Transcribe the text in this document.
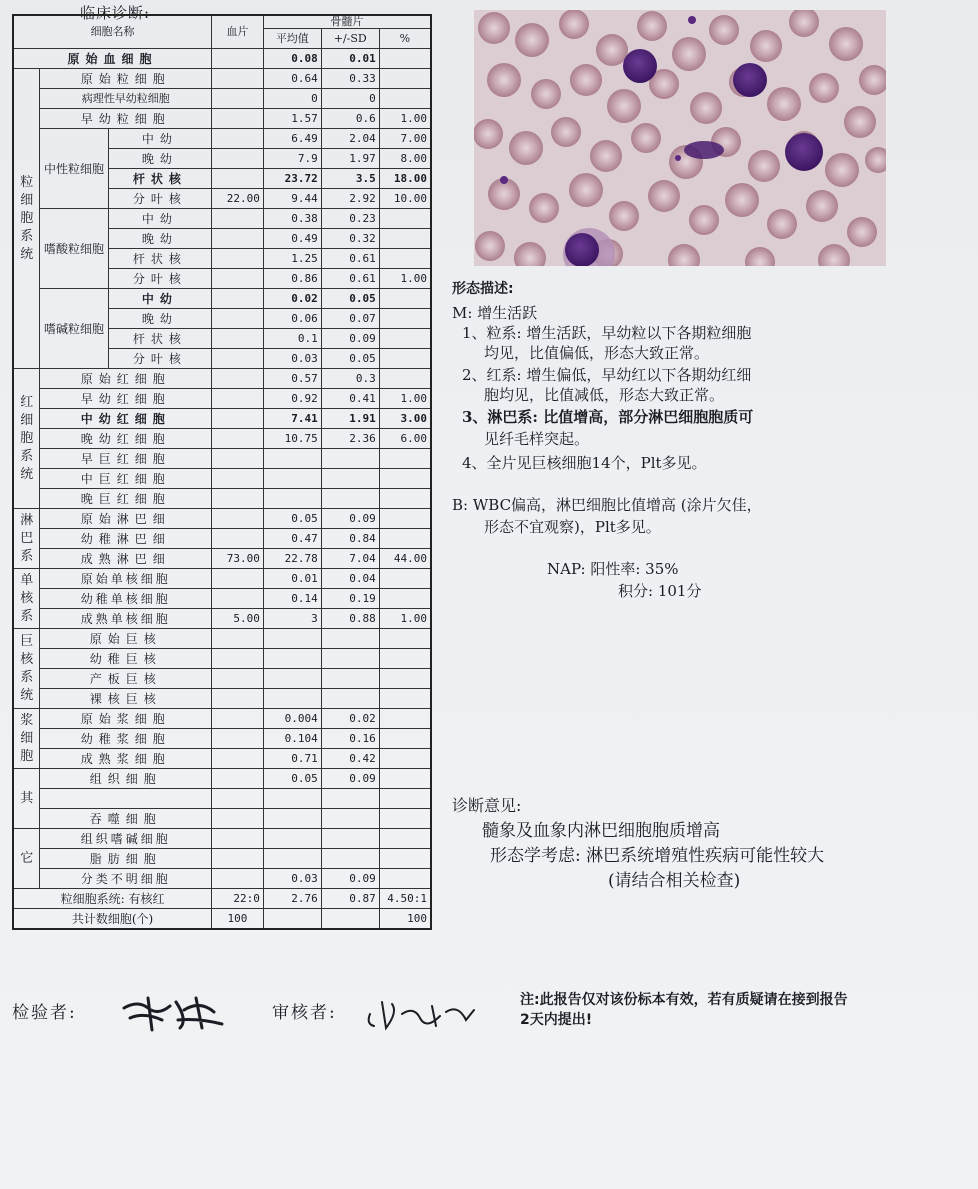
临床诊断:
细胞名称			血片	骨髓片		
				平均值	+/-SD	%
原始血细胞				0.08	0.01	
粒细胞系统	原始粒细胞			0.64	0.33	
	病理性早幼粒细胞			0	0	
	早幼粒细胞			1.57	0.6	1.00
	中性粒细胞	中幼		6.49	2.04	7.00
		晚幼		7.9	1.97	8.00
		杆状核		23.72	3.5	18.00
		分叶核	22.00	9.44	2.92	10.00
	嗜酸粒细胞	中幼		0.38	0.23	
		晚幼		0.49	0.32	
		杆状核		1.25	0.61	
		分叶核		0.86	0.61	1.00
	嗜碱粒细胞	中幼		0.02	0.05	
		晚幼		0.06	0.07	
		杆状核		0.1	0.09	
		分叶核		0.03	0.05	
红细胞系统	原始红细胞			0.57	0.3	
	早幼红细胞			0.92	0.41	1.00
	中幼红细胞			7.41	1.91	3.00
	晚幼红细胞			10.75	2.36	6.00
	早巨红细胞					
	中巨红细胞					
	晚巨红细胞					
淋巴系	原始淋巴细			0.05	0.09	
	幼稚淋巴细			0.47	0.84	
	成熟淋巴细		73.00	22.78	7.04	44.00
单核系	原始单核细胞			0.01	0.04	
	幼稚单核细胞			0.14	0.19	
	成熟单核细胞		5.00	3	0.88	1.00
巨核系统	原始巨核					
	幼稚巨核					
	产板巨核					
	裸核巨核					
浆细胞	原始浆细胞			0.004	0.02	
	幼稚浆细胞			0.104	0.16	
	成熟浆细胞			0.71	0.42	
其	组织细胞			0.05	0.09	

	吞噬细胞					
它	组织嗜碱细胞					
	脂肪细胞					
	分类不明细胞			0.03	0.09	
粒细胞系统: 有核红			22:0	2.76	0.87	4.50:1
共计数细胞(个)			100			100
形态描述:
M: 增生活跃
1、粒系: 增生活跃，早幼粒以下各期粒细胞
均见，比值偏低，形态大致正常。
2、红系: 增生偏低，早幼红以下各期幼红细
胞均见，比值减低，形态大致正常。
3、淋巴系: 比值增高，部分淋巴细胞胞质可
见纤毛样突起。
4、全片见巨核细胞14个，Plt多见。
B: WBC偏高，淋巴细胞比值增高 (涂片欠佳，
形态不宜观察)，Plt多见。
NAP: 阳性率: 35%
积分: 101分
诊断意见:
髓象及血象内淋巴细胞胞质增高
形态学考虑: 淋巴系统增殖性疾病可能性较大
(请结合相关检查)
检验者:	审核者:
注:此报告仅对该份标本有效，若有质疑请在接到报告
2天内提出!
